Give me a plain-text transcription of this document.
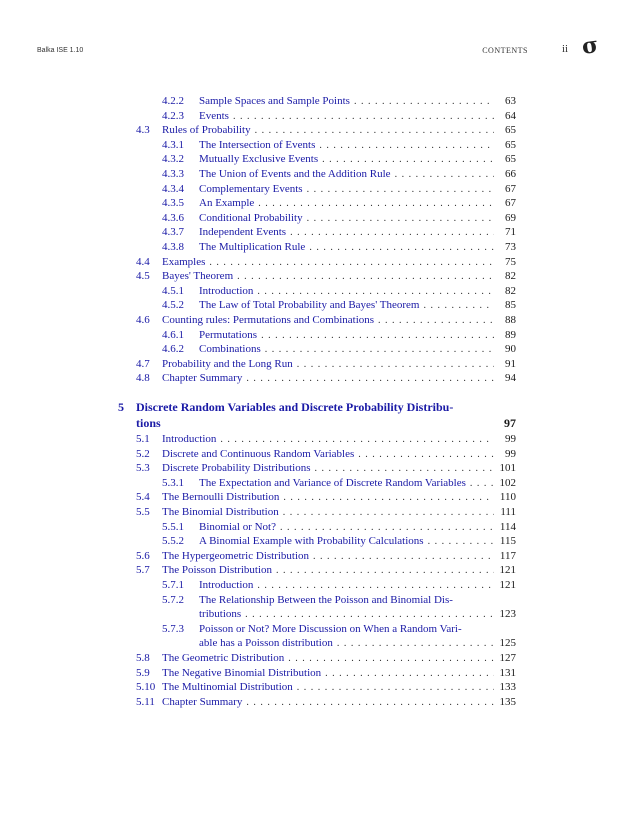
Balka ISE 1.10	CONTENTS	ii σ
4.2.2	Sample Spaces and Sample Points . . .	63
4.2.3	Events . . .	64
4.3	Rules of Probability . . .	65
4.3.1	The Intersection of Events . . .	65
4.3.2	Mutually Exclusive Events . . .	65
4.3.3	The Union of Events and the Addition Rule . . .	66
4.3.4	Complementary Events . . .	67
4.3.5	An Example . . .	67
4.3.6	Conditional Probability . . .	69
4.3.7	Independent Events . . .	71
4.3.8	The Multiplication Rule . . .	73
4.4	Examples . . .	75
4.5	Bayes' Theorem . . .	82
4.5.1	Introduction . . .	82
4.5.2	The Law of Total Probability and Bayes' Theorem . . .	85
4.6	Counting rules: Permutations and Combinations . . .	88
4.6.1	Permutations . . .	89
4.6.2	Combinations . . .	90
4.7	Probability and the Long Run . . .	91
4.8	Chapter Summary . . .	94
5	Discrete Random Variables and Discrete Probability Distribu-
tions	97
5.1	Introduction . . .	99
5.2	Discrete and Continuous Random Variables . . .	99
5.3	Discrete Probability Distributions . . .	101
5.3.1	The Expectation and Variance of Discrete Random Variables . . .	102
5.4	The Bernoulli Distribution . . .	110
5.5	The Binomial Distribution . . .	111
5.5.1	Binomial or Not? . . .	114
5.5.2	A Binomial Example with Probability Calculations . . .	115
5.6	The Hypergeometric Distribution . . .	117
5.7	The Poisson Distribution . . .	121
5.7.1	Introduction . . .	121
5.7.2	The Relationship Between the Poisson and Binomial Dis-
tributions . . .	123
5.7.3	Poisson or Not? More Discussion on When a Random Vari-
able has a Poisson distribution . . .	125
5.8	The Geometric Distribution . . .	127
5.9	The Negative Binomial Distribution . . .	131
5.10 The Multinomial Distribution . . .	133
5.11 Chapter Summary . . .	135
